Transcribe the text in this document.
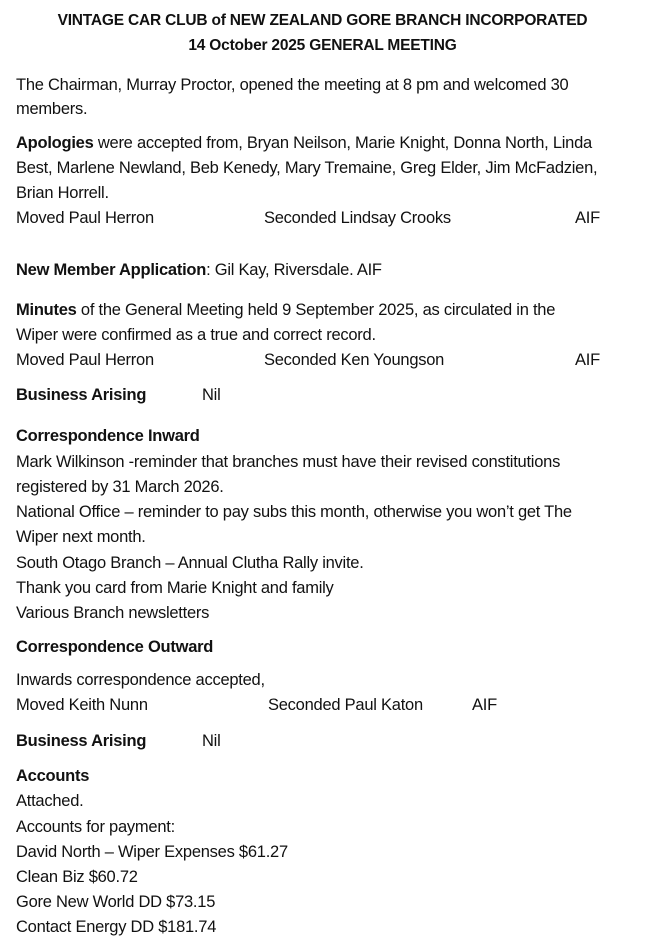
VINTAGE CAR CLUB of NEW ZEALAND GORE BRANCH INCORPORATED
14 October 2025 GENERAL MEETING
The Chairman, Murray Proctor, opened the meeting at 8 pm and welcomed 30
members.
Apologies were accepted from, Bryan Neilson, Marie Knight, Donna North, Linda
Best, Marlene Newland, Beb Kenedy, Mary Tremaine, Greg Elder, Jim McFadzien,
Brian Horrell.
Moved Paul Herron	Seconded Lindsay Crooks	AIF
New Member Application: Gil Kay, Riversdale. AIF
Minutes of the General Meeting held 9 September 2025, as circulated in the
Wiper were confirmed as a true and correct record.
Moved Paul Herron	Seconded Ken Youngson	AIF
Business Arising	Nil
Correspondence Inward
Mark Wilkinson -reminder that branches must have their revised constitutions
registered by 31 March 2026.
National Office – reminder to pay subs this month, otherwise you won’t get The
Wiper next month.
South Otago Branch – Annual Clutha Rally invite.
Thank you card from Marie Knight and family
Various Branch newsletters
Correspondence Outward
Inwards correspondence accepted,
Moved Keith Nunn	Seconded Paul Katon	AIF
Business Arising	Nil
Accounts
Attached.
Accounts for payment:
David North – Wiper Expenses $61.27
Clean Biz $60.72
Gore New World DD $73.15
Contact Energy DD $181.74
